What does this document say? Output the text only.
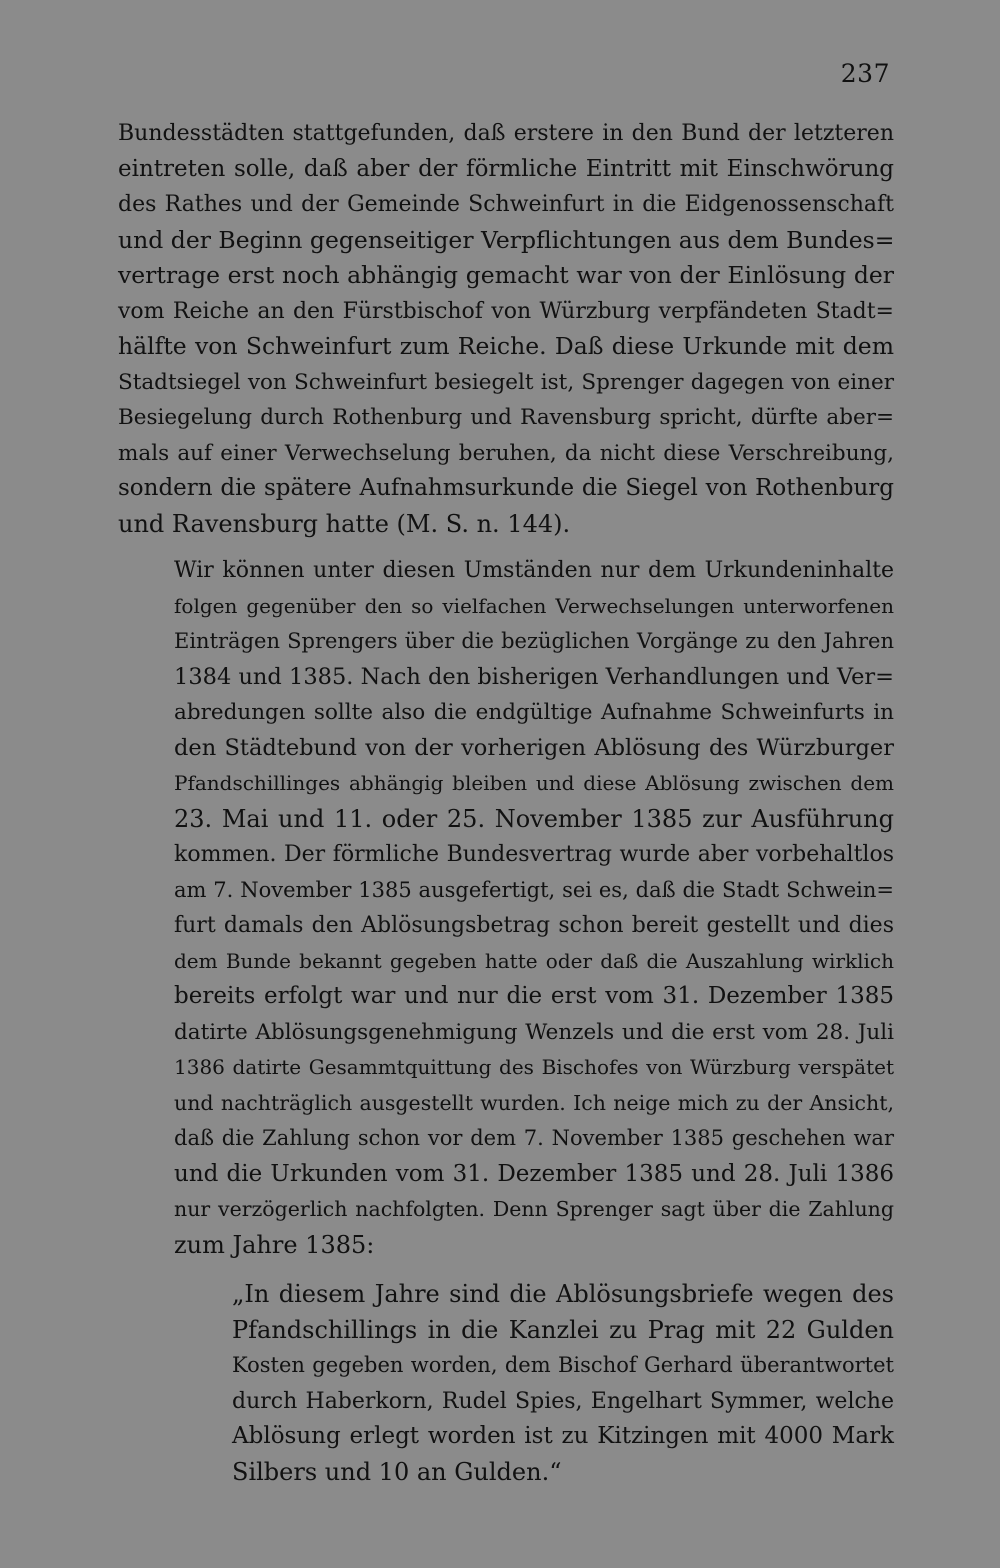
237

Bundesstädten stattgefunden, daß erstere in den Bund der letzteren
eintreten solle, daß aber der förmliche Eintritt mit Einschwörung
des Rathes und der Gemeinde Schweinfurt in die Eidgenossenschaft
und der Beginn gegenseitiger Verpflichtungen aus dem Bundes=
vertrage erst noch abhängig gemacht war von der Einlösung der
vom Reiche an den Fürstbischof von Würzburg verpfändeten Stadt=
hälfte von Schweinfurt zum Reiche. Daß diese Urkunde mit dem
Stadtsiegel von Schweinfurt besiegelt ist, Sprenger dagegen von einer
Besiegelung durch Rothenburg und Ravensburg spricht, dürfte aber=
mals auf einer Verwechselung beruhen, da nicht diese Verschreibung,
sondern die spätere Aufnahmsurkunde die Siegel von Rothenburg
und Ravensburg hatte (M. S. n. 144).

Wir können unter diesen Umständen nur dem Urkundeninhalte
folgen gegenüber den so vielfachen Verwechselungen unterworfenen
Einträgen Sprengers über die bezüglichen Vorgänge zu den Jahren
1384 und 1385. Nach den bisherigen Verhandlungen und Ver=
abredungen sollte also die endgültige Aufnahme Schweinfurts in
den Städtebund von der vorherigen Ablösung des Würzburger
Pfandschillinges abhängig bleiben und diese Ablösung zwischen dem
23. Mai und 11. oder 25. November 1385 zur Ausführung
kommen. Der förmliche Bundesvertrag wurde aber vorbehaltlos
am 7. November 1385 ausgefertigt, sei es, daß die Stadt Schwein=
furt damals den Ablösungsbetrag schon bereit gestellt und dies
dem Bunde bekannt gegeben hatte oder daß die Auszahlung wirklich
bereits erfolgt war und nur die erst vom 31. Dezember 1385
datirte Ablösungsgenehmigung Wenzels und die erst vom 28. Juli
1386 datirte Gesammtquittung des Bischofes von Würzburg verspätet
und nachträglich ausgestellt wurden. Ich neige mich zu der Ansicht,
daß die Zahlung schon vor dem 7. November 1385 geschehen war
und die Urkunden vom 31. Dezember 1385 und 28. Juli 1386
nur verzögerlich nachfolgten. Denn Sprenger sagt über die Zahlung
zum Jahre 1385:

„In diesem Jahre sind die Ablösungsbriefe wegen des
Pfandschillings in die Kanzlei zu Prag mit 22 Gulden
Kosten gegeben worden, dem Bischof Gerhard überantwortet
durch Haberkorn, Rudel Spies, Engelhart Symmer, welche
Ablösung erlegt worden ist zu Kitzingen mit 4000 Mark
Silbers und 10 an Gulden.“
